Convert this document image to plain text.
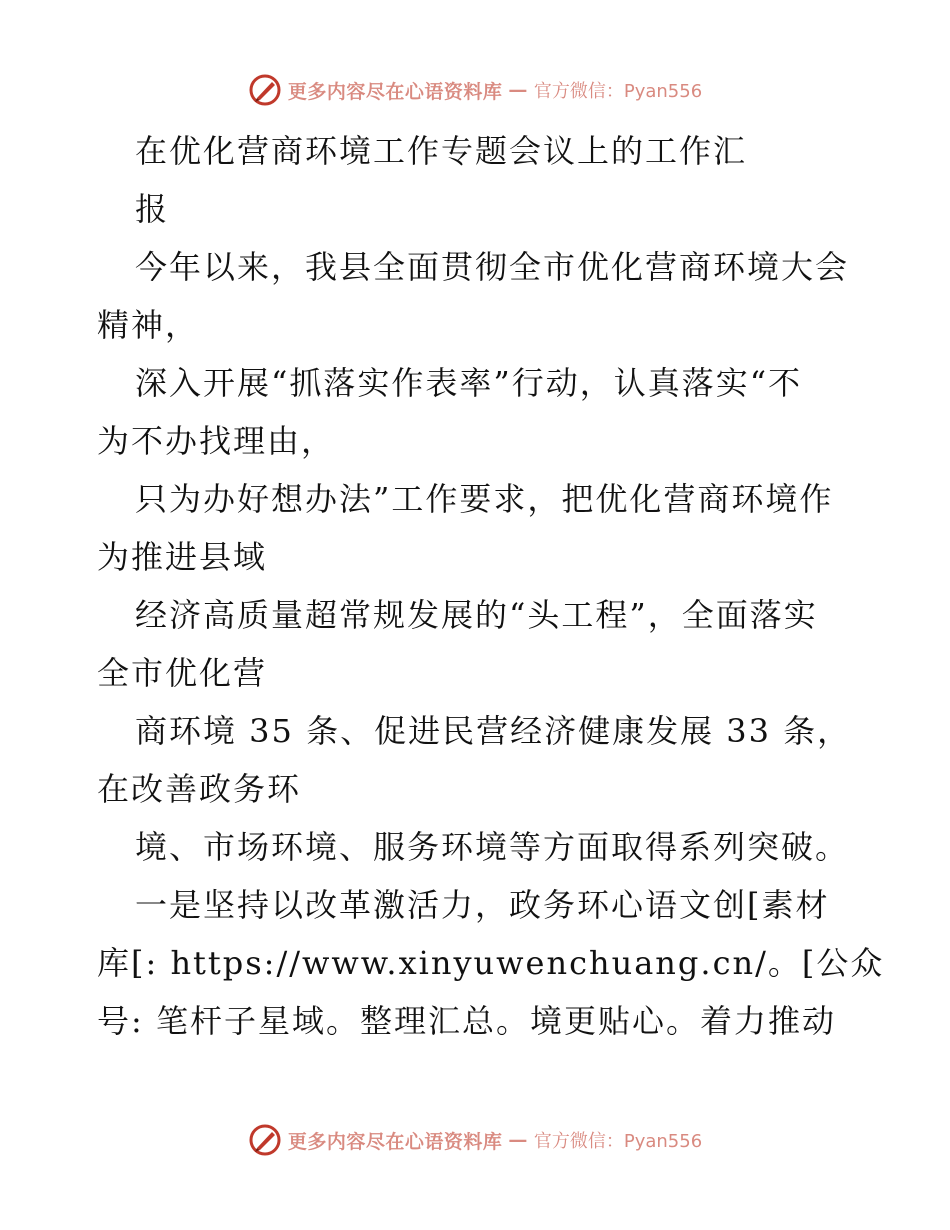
更多内容尽在心语资料库 — 官方微信：Pyan556
在优化营商环境工作专题会议上的工作汇
报
今年以来，我县全面贯彻全市优化营商环境大会
精神，
深入开展“抓落实作表率”行动，认真落实“不
为不办找理由，
只为办好想办法”工作要求，把优化营商环境作
为推进县域
经济高质量超常规发展的“头工程”，全面落实
全市优化营
商环境 35 条、促进民营经济健康发展 33 条，
在改善政务环
境、市场环境、服务环境等方面取得系列突破。
一是坚持以改革激活力，政务环心语文创[素材
库[: https://www.xinyuwenchuang.cn/。[公众
号: 笔杆子星域。整理汇总。境更贴心。着力推动
更多内容尽在心语资料库 — 官方微信：Pyan556
